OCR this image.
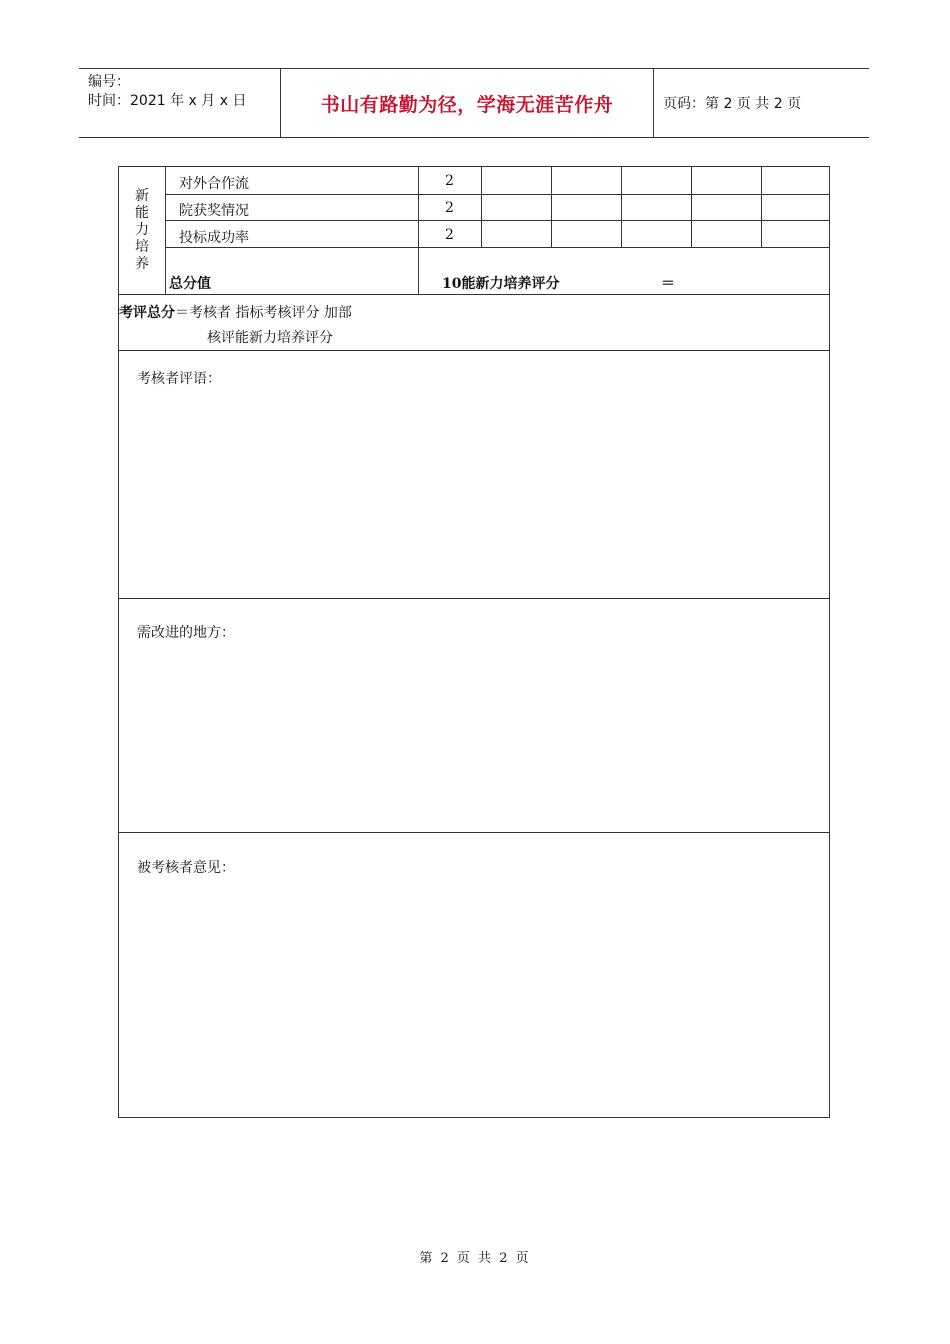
编号：
时间：2021 年 x 月 x 日	书山有路勤为径，学海无涯苦作舟	页码：第 2 页 共 2 页
新
能
力
培
养
对外合作流	2
院获奖情况	2
投标成功率	2
总分值	10能新力培养评分	＝
考评总分 ＝考核者 指标考核评分 加部
核评能新力培养评分
考核者评语：
需改进的地方：
被考核者意见：
第 2 页 共 2 页
